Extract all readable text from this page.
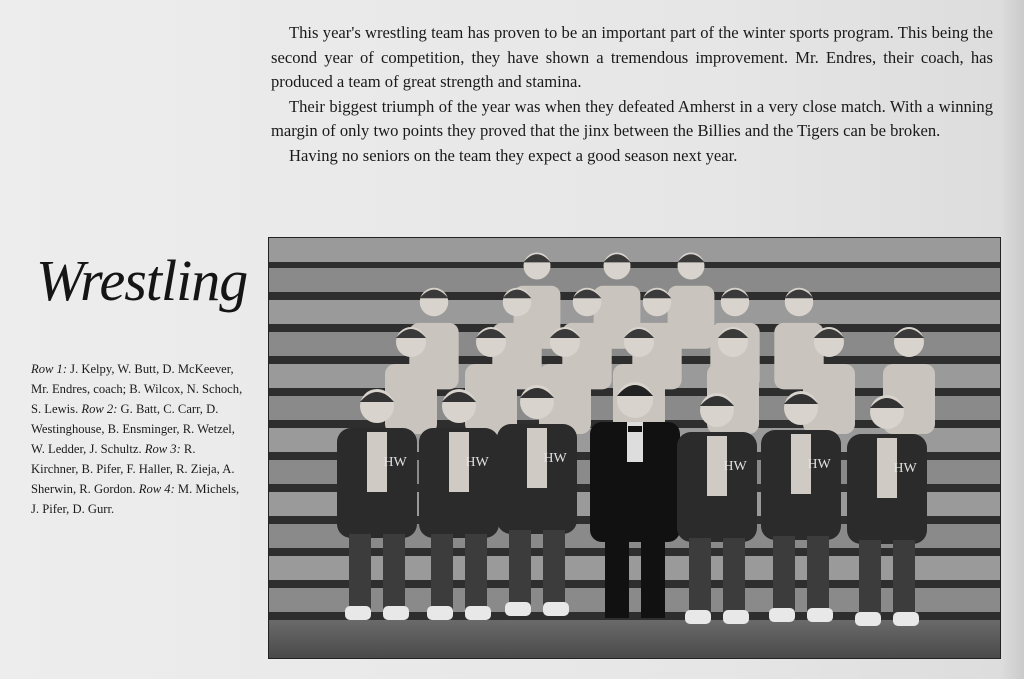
This year's wrestling team has proven to be an important part of the winter sports program. This being the second year of competition, they have shown a tremendous improvement. Mr. Endres, their coach, has produced a team of great strength and stamina.

Their biggest triumph of the year was when they defeated Amherst in a very close match. With a winning margin of only two points they proved that the jinx between the Billies and the Tigers can be broken.

Having no seniors on the team they expect a good season next year.

Wrestling
Row 1: J. Kelpy, W. Butt, D. McKeever, Mr. Endres, coach; B. Wilcox, N. Schoch, S. Lewis. Row 2: G. Batt, C. Carr, D. Westinghouse, B. Ensminger, R. Wetzel, W. Ledder, J. Schultz. Row 3: R. Kirchner, B. Pifer, F. Haller, R. Zieja, A. Sherwin, R. Gordon. Row 4: M. Michels, J. Pifer, D. Gurr.
HW	HW	HW
HW	HW	HW
